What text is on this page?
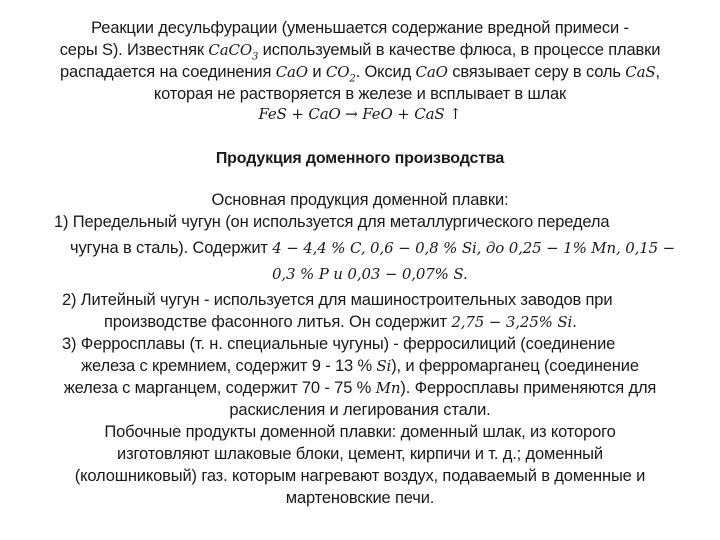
Реакции десульфурации (уменьшается содержание вредной примеси -
серы S). Известняк CaCO$_3$ используемый в качестве флюса, в процессе плавки
распадается на соединения CaO и $CO_2$. Оксид CaO связывает серу в соль CaS,
которая не растворяется в железе и всплывает в шлак
FeS + CaO → FeO + CaS ↑
Продукция доменного производства
Основная продукция доменной плавки:
1) Передельный чугун (он используется для металлургического передела
чугуна в сталь). Содержит 4 − 4,4 % C, 0,6 − 0,8 % Si, до 0,25 − 1% Mn, 0,15 −
0,3 % P и 0,03 − 0,07% S.
2) Литейный чугун - используется для машиностроительных заводов при
производстве фасонного литья. Он содержит 2,75 − 3,25% Si.
3) Ферросплавы (т. н. специальные чугуны) - ферросилиций (соединение
железа с кремнием, содержит 9 - 13 % Si), и ферромарганец (соединение
железа с марганцем, содержит 70 - 75 % Mn). Ферросплавы применяются для
раскисления и легирования стали.
Побочные продукты доменной плавки: доменный шлак, из которого
изготовляют шлаковые блоки, цемент, кирпичи и т. д.; доменный
(колошниковый) газ. которым нагревают воздух, подаваемый в доменные и
мартеновские печи.
